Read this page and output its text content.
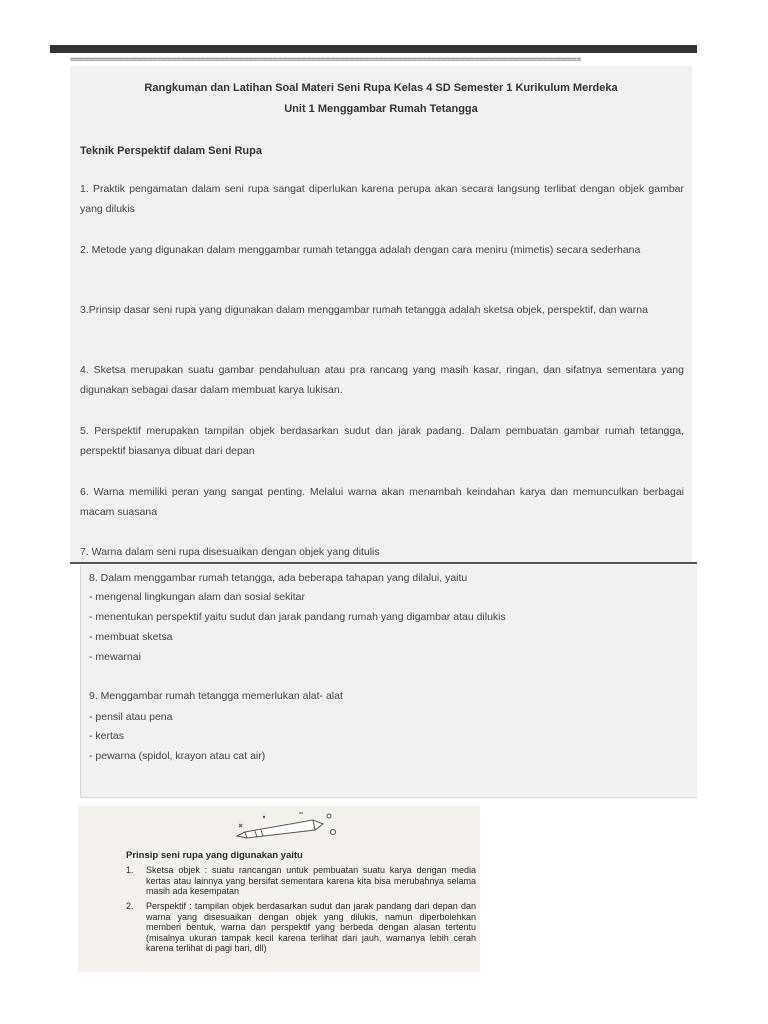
==========================================================================================================
Rangkuman dan Latihan Soal Materi Seni Rupa Kelas 4 SD Semester 1 Kurikulum Merdeka
Unit 1 Menggambar Rumah Tetangga
Teknik Perspektif dalam Seni Rupa
1. Praktik pengamatan dalam seni rupa sangat diperlukan karena perupa akan secara langsung terlibat dengan objek gambar yang dilukis
2. Metode yang digunakan dalam menggambar rumah tetangga adalah dengan cara meniru (mimetis) secara sederhana
3.Prinsip dasar seni rupa yang digunakan dalam menggambar rumah tetangga adalah sketsa objek, perspektif, dan warna
4. Sketsa merupakan suatu gambar pendahuluan atau pra rancang yang masih kasar, ringan, dan sifatnya sementara yang digunakan sebagai dasar dalam membuat karya lukisan.
5. Perspektif merupakan tampilan objek berdasarkan sudut dan jarak padang. Dalam pembuatan gambar rumah tetangga, perspektif biasanya dibuat dari depan
6. Warna memiliki peran yang sangat penting. Melalui warna akan menambah keindahan karya dan memunculkan berbagai macam suasana
7. Warna dalam seni rupa disesuaikan dengan objek yang ditulis
8. Dalam menggambar rumah tetangga, ada beberapa tahapan yang dilalui, yaitu
- mengenal lingkungan alam dan sosial sekitar
- menentukan perspektif yaitu sudut dan jarak pandang rumah yang digambar atau dilukis
- membuat sketsa
- mewarnai
9. Menggambar rumah tetangga memerlukan alat- alat
- pensil atau pena
- kertas
- pewarna (spidol, krayon atau cat air)
Prinsip seni rupa yang digunakan yaitu
1.	Sketsa objek : suatu rancangan untuk pembuatan suatu karya dengan media kertas atau lainnya yang bersifat sementara karena kita bisa merubahnya selama masih ada kesempatan
2.	Perspektif : tampilan objek berdasarkan sudut dan jarak pandang dari depan dan warna yang disesuaikan dengan objek yang dilukis, namun diperbolehkan memberi bentuk, warna dan perspektif yang berbeda dengan alasan tertentu (misalnya ukuran tampak kecil karena terlihat dari jauh, warnanya lebih cerah karena terlihat di pagi hari, dll)
